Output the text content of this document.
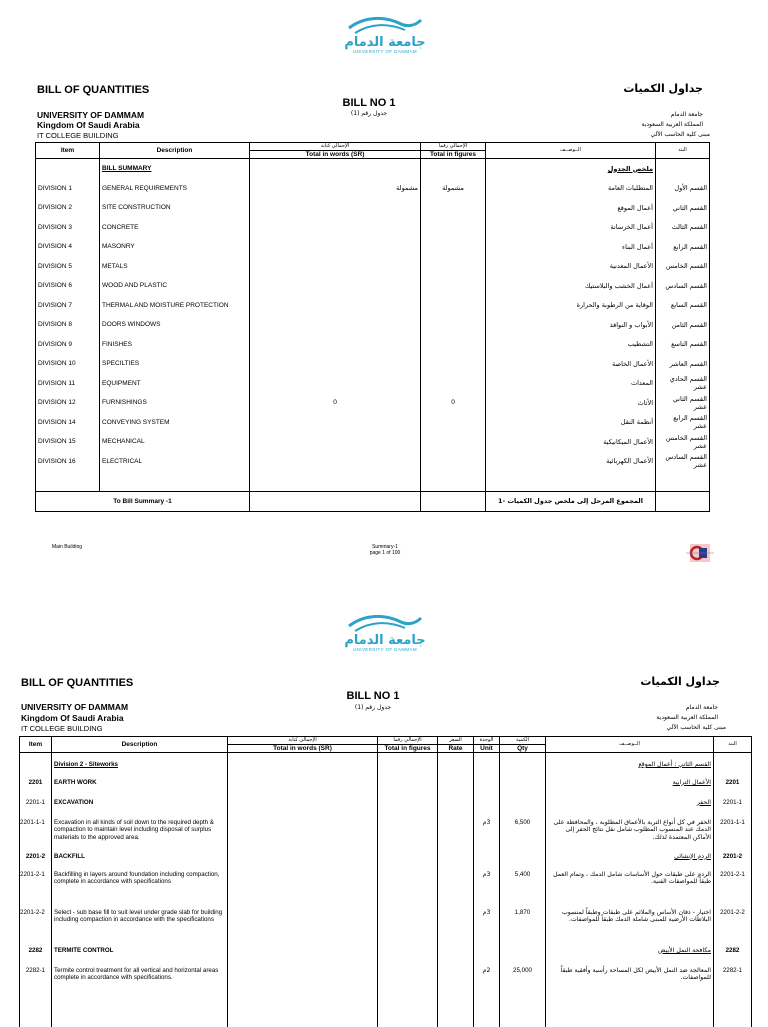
جامعة الدمام
UNIVERSITY OF DAMMAM
BILL OF QUANTITIES	جداول الكميات
BILL NO 1
جدول رقم (1)
UNIVERSITY OF DAMMAM
Kingdom Of Saudi Arabia
IT COLLEGE BUILDING
جامعة الدمام
المملكة العربية السعودية
مبنى كلية الحاسب الآلي
Item	Description	الإجمالي كتابة	الإجمالي رقماً	الــوصــف	البند
		Total in words (SR)	Total in figures		
	BILL SUMMARY			ملخص الجدول	
DIVISION 1	GENERAL REQUIREMENTS	مشمولة	مشمولة	المتطلبات العامة	القسم الأول
DIVISION 2	SITE CONSTRUCTION			أعمال الموقع	القسم الثاني
DIVISION 3	CONCRETE			أعمال الخرسانة	القسم الثالث
DIVISION 4	MASONRY			أعمال البناء	القسم الرابع
DIVISION 5	METALS			الأعمال المعدنية	القسم الخامس
DIVISION 6	WOOD AND PLASTIC			أعمال الخشب والبلاستيك	القسم السادس
DIVISION 7	THERMAL AND MOISTURE PROTECTION			الوقاية من الرطوبة والحرارة	القسم السابع
DIVISION 8	DOORS WINDOWS			الأبواب و النوافذ	القسم الثامن
DIVISION 9	FINISHES			التشطيب	القسم التاسع
DIVISION 10	SPECILTIES			الأعمال الخاصة	القسم العاشر
DIVISION 11	EQUIPMENT			المعدات	القسم الحادي عشر
DIVISION 12	FURNISHINGS	0	0	الأثاث	القسم الثاني عشر
DIVISION 14	CONVEYING SYSTEM			أنظمة النقل	القسم الرابع عشر
DIVISION 15	MECHANICAL			الأعمال الميكانيكية	القسم الخامس عشر
DIVISION 16	ELECTRICAL			الأعمال الكهربائية	القسم السادس عشر

To Bill Summary -1				المجموع المرحل إلى ملخص جدول الكميات -1	
Main Building	Summary-1
page 1 of 100
جامعة الدمام
UNIVERSITY OF DAMMAM
BILL OF QUANTITIES	جداول الكميات
BILL NO 1
جدول رقم (1)
UNIVERSITY OF DAMMAM
Kingdom Of Saudi Arabia
IT COLLEGE BUILDING
جامعة الدمام
المملكة العربية السعودية
مبنى كلية الحاسب الآلي
Item	Description	الإجمالي كتابة	الإجمالي رقماً	السعر	الوحدة	الكمية	الــوصــف	البند
		Total in words (SR)	Total in figures	Rate	Unit	Qty		
	Division 2 - Siteworks						القسم الثاني : أعمال الموقع	
2201	EARTH WORK						الأعمال الترابية	2201
2201-1	EXCAVATION						الحفر	2201-1
2201-1-1	Excavation in all kinds of soil down to the required depth & compaction to maintain level including disposal of surplus materials to the approved area.				3م	6,500	الحفر في كل أنواع التربة بالأعماق المطلوبة ، والمحافظة على الدمك عند المنسوب المطلوب شامل نقل نتائج الحفر إلى الأماكن المعتمدة لذلك.	2201-1-1
2201-2	BACKFILL						الردم الإنشائي	2201-2
2201-2-1	Backfilling in layers around foundation including compaction, complete in accordance with specifications				3م	5,400	الردم على طبقات حول الأساسات شامل الدمك ، وتمام العمل طبقاً للمواصفات الفنية.	2201-2-1
2201-2-2	Select - sub base fill to suit level under grade slab for building including compaction in accordance with the specifications				3م	1,870	اختيار - دفان الأساس والملائم على طبقات وطبقاً لمنسوب البلاطات الأرضية للمبنى شاملة الدمك طبقاً للمواصفات.	2201-2-2
2282	TERMITE CONTROL						مكافحة النمل الأبيض	2282
2282-1	Termite control treatment for all vertical and horizontal areas complete in accordance with specifications.				2م	25,000	المعالجة ضد النمل الأبيض لكل المساحة رأسية وأفقية طبقاً للمواصفات.	2282-1
